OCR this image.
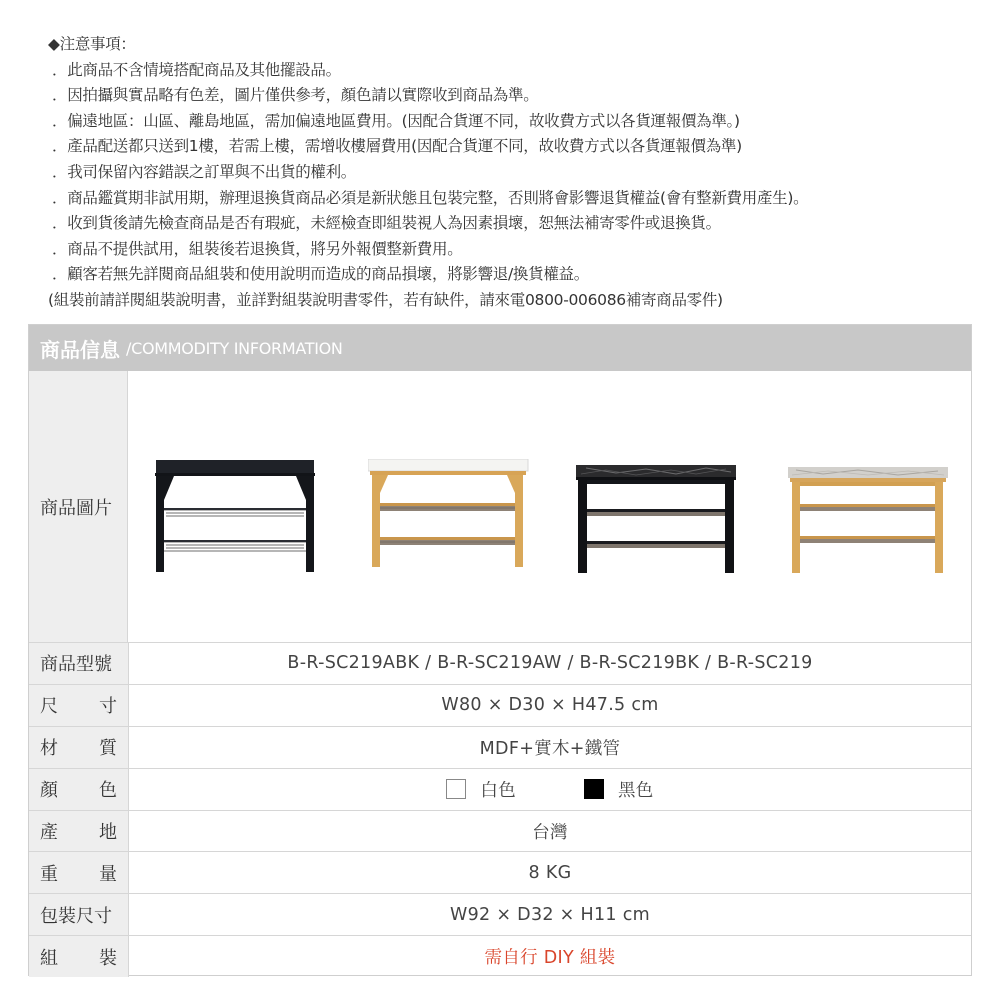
◆注意事項：
．此商品不含情境搭配商品及其他擺設品。
．因拍攝與實品略有色差，圖片僅供參考，顏色請以實際收到商品為準。
．偏遠地區：山區、離島地區，需加偏遠地區費用。(因配合貨運不同，故收費方式以各貨運報價為準。)
．產品配送都只送到1樓，若需上樓，需增收樓層費用(因配合貨運不同，故收費方式以各貨運報價為準)
．我司保留內容錯誤之訂單與不出貨的權利。
．商品鑑賞期非試用期，辦理退換貨商品必須是新狀態且包裝完整，否則將會影響退貨權益(會有整新費用產生)。
．收到貨後請先檢查商品是否有瑕疵，未經檢查即組裝視人為因素損壞，恕無法補寄零件或退換貨。
．商品不提供試用，組裝後若退換貨，將另外報價整新費用。
．顧客若無先詳閱商品組裝和使用說明而造成的商品損壞，將影響退/換貨權益。
(組裝前請詳閱組裝說明書，並詳對組裝說明書零件，若有缺件，請來電0800-006086補寄商品零件)
商品信息 /COMMODITY INFORMATION
商品圖片
商品型號	B-R-SC219ABK / B-R-SC219AW / B-R-SC219BK / B-R-SC219
尺 寸	W80 × D30 × H47.5 cm
材 質	MDF+實木+鐵管
顏 色	白色	黑色
產 地	台灣
重 量	8 KG
包裝尺寸	W92 × D32 × H11 cm
組 裝	需自行 DIY 組裝
